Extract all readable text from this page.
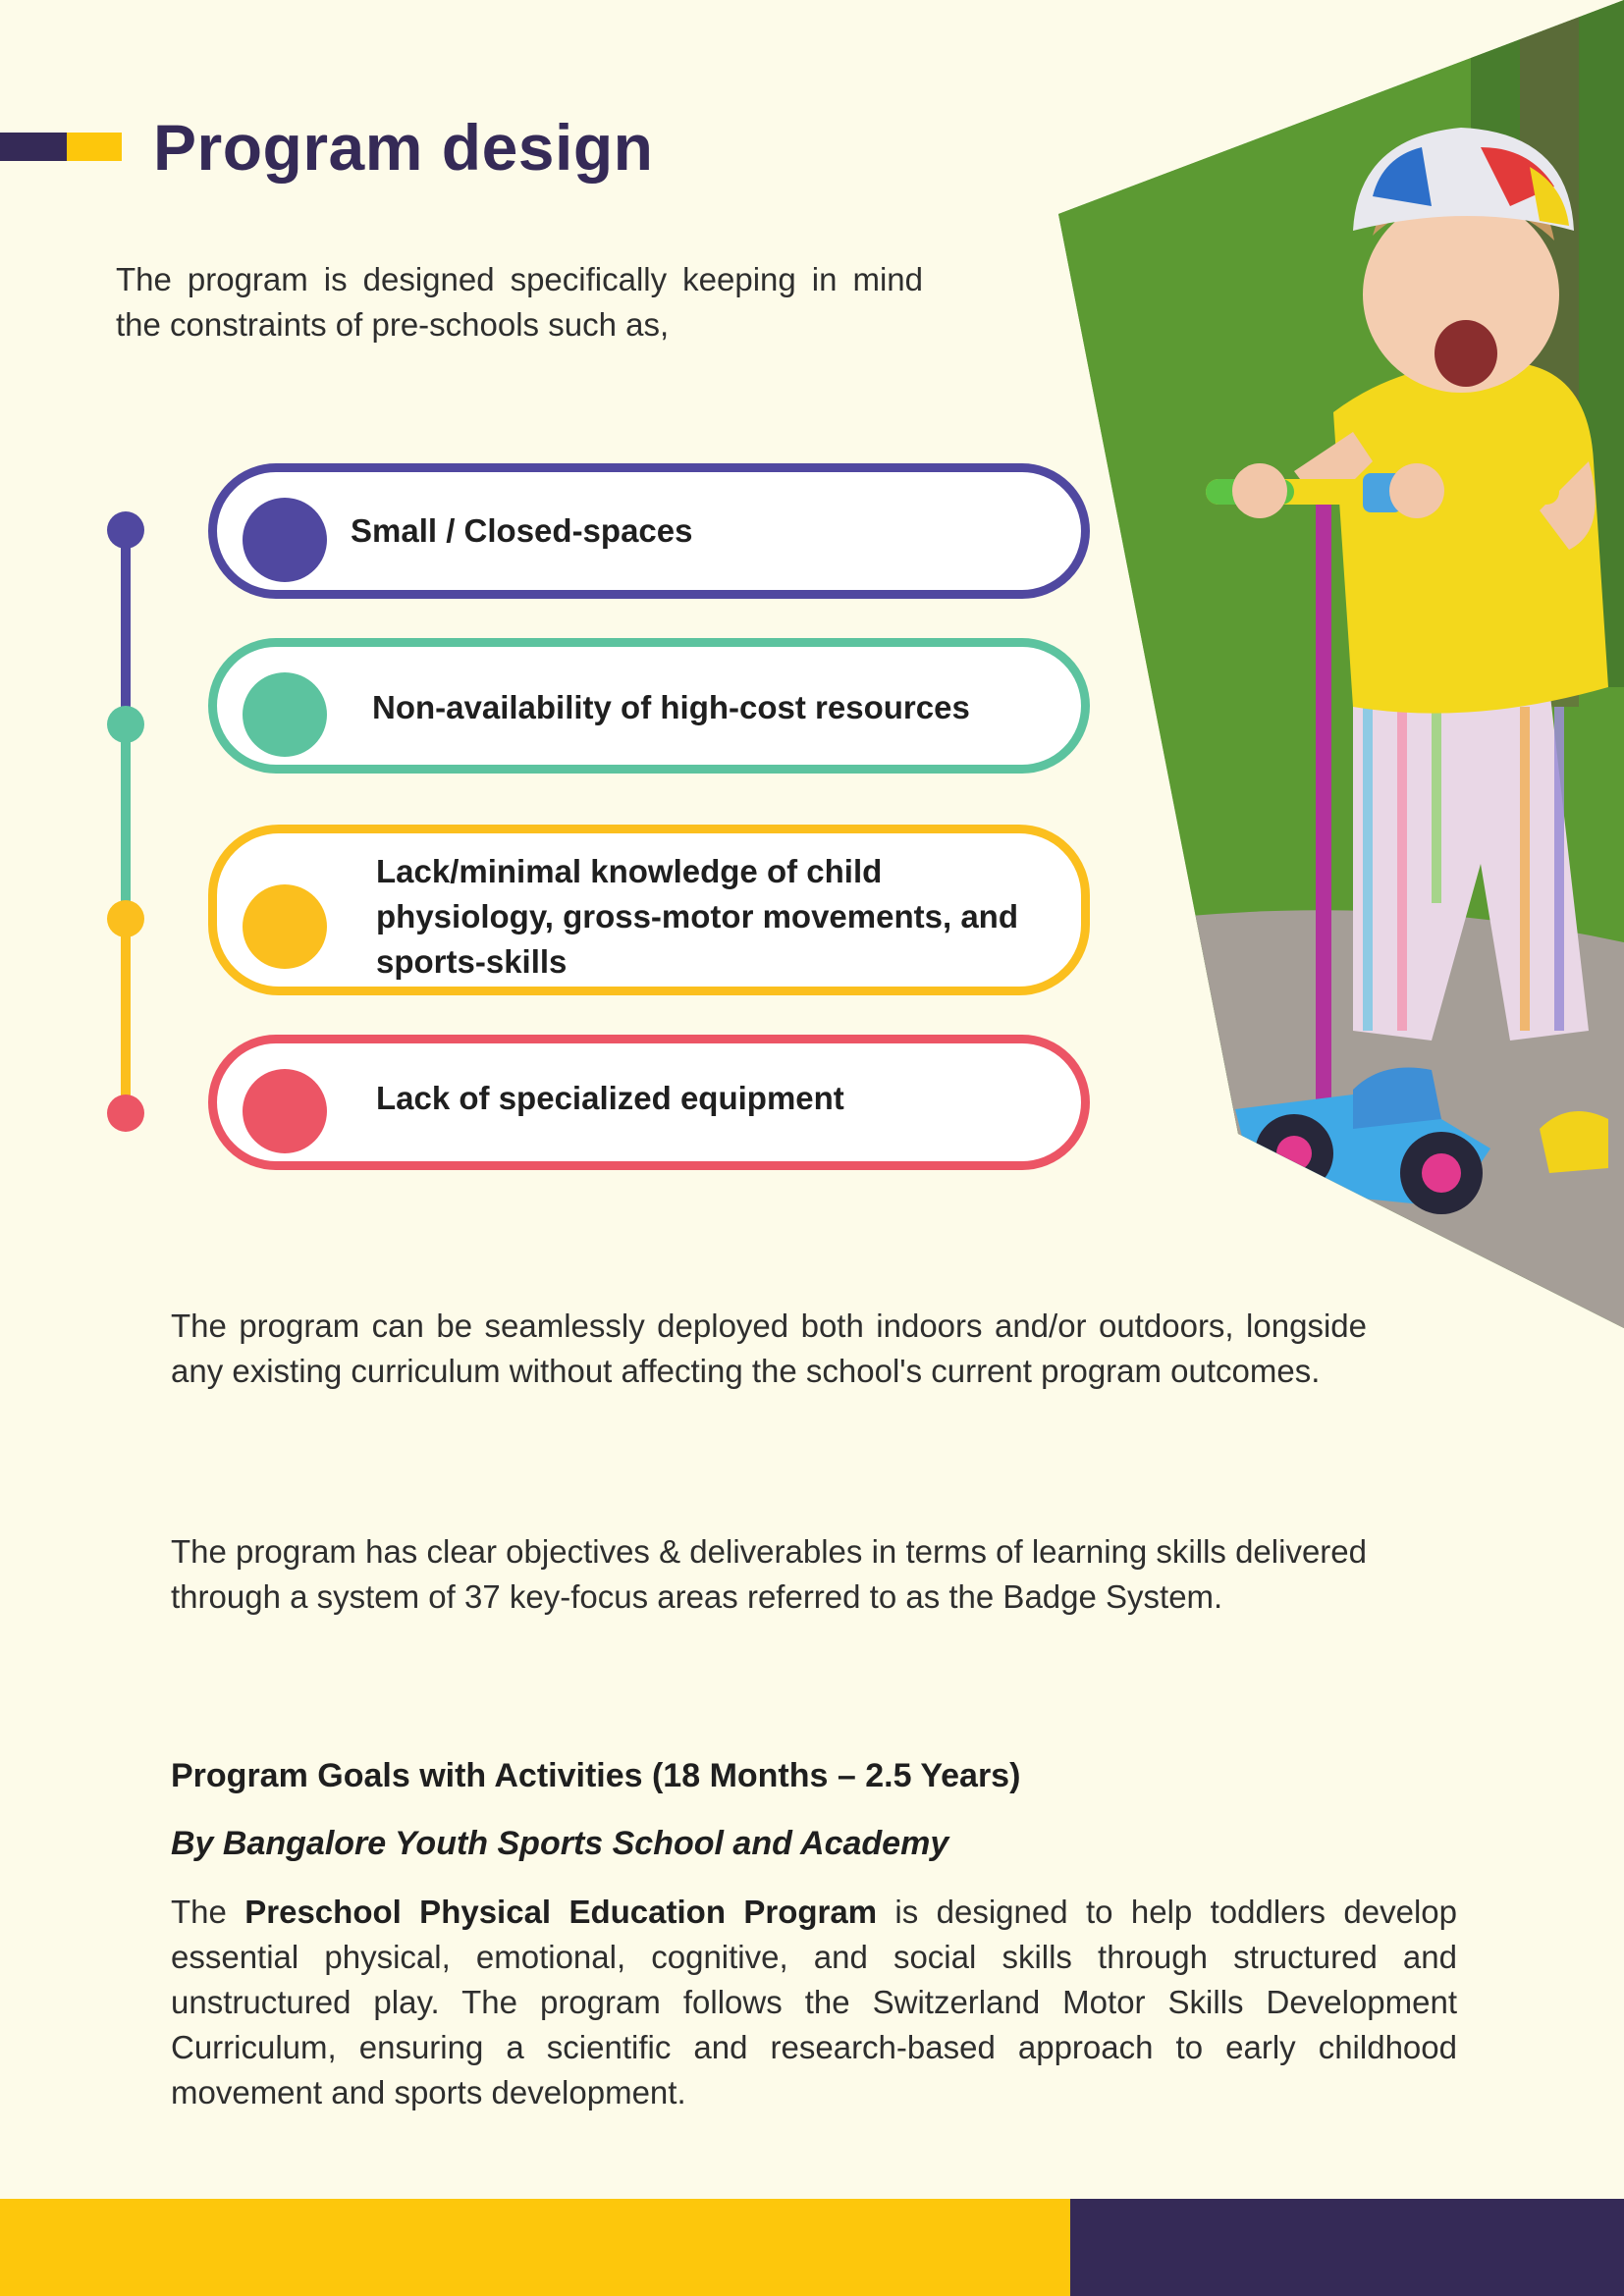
Program design

The program is designed specifically keeping in mind the constraints of pre-schools such as,

Small / Closed-spaces
Non-availability of high-cost resources
Lack/minimal knowledge of child physiology, gross-motor movements, and sports-skills
Lack of specialized equipment

The program can be seamlessly deployed both indoors and/or outdoors, longside any existing curriculum without affecting the school's current program outcomes.

The program has clear objectives & deliverables in terms of learning skills delivered through a system of 37 key-focus areas referred to as the Badge System.

Program Goals with Activities (18 Months – 2.5 Years)
By Bangalore Youth Sports School and Academy

The Preschool Physical Education Program is designed to help toddlers develop essential physical, emotional, cognitive, and social skills through structured and unstructured play. The program follows the Switzerland Motor Skills Development Curriculum, ensuring a scientific and research-based approach to early childhood movement and sports development.
